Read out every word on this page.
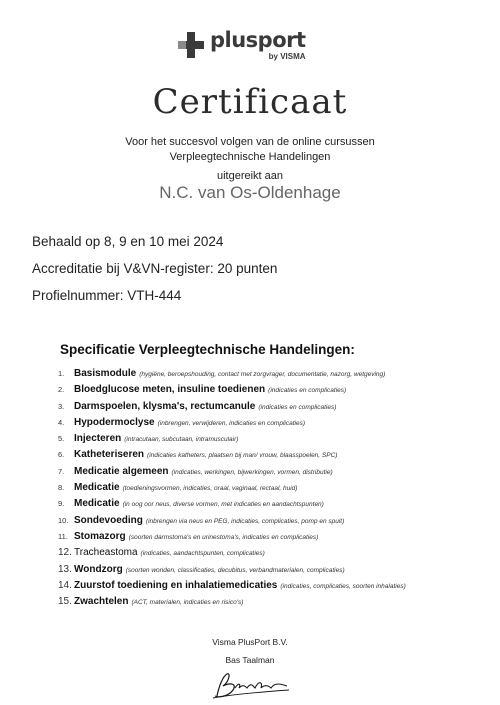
plusport
by VISMA
Certificaat
Voor het succesvol volgen van de online cursussen
Verpleegtechnische Handelingen
uitgereikt aan
N.C. van Os-Oldenhage
Behaald op 8, 9 en 10 mei 2024
Accreditatie bij V&VN-register: 20 punten
Profielnummer: VTH-444
Specificatie Verpleegtechnische Handelingen:
1. Basismodule (hygiëne, beroepshouding, contact met zorgvrager, documentatie, nazorg, wetgeving)
2. Bloedglucose meten, insuline toedienen (indicaties en complicaties)
3. Darmspoelen, klysma's, rectumcanule (indicaties en complicaties)
4. Hypodermoclyse (inbrengen, verwijderen, indicaties en complicaties)
5. Injecteren (intracutaan, subcutaan, intramusculair)
6. Katheteriseren (indicaties katheters, plaatsen bij man/ vrouw, blaasspoelen, SPC)
7. Medicatie algemeen (indicaties, werkingen, bijwerkingen, vormen, distributie)
8. Medicatie (toedieningsvormen, indicaties, oraal, vaginaal, rectaal, huid)
9. Medicatie (in oog oor neus, diverse vormen, met indicaties en aandachtspunten)
10. Sondevoeding (inbrengen via neus en PEG, indicaties, complicaties, pomp en spuit)
11. Stomazorg (soorten darmstoma's en urinestoma's, indicaties en complicaties)
12. Tracheastoma (indicaties, aandachtspunten, complicaties)
13. Wondzorg (soorten wonden, classificaties, decubitus, verbandmaterialen, complicaties)
14. Zuurstof toediening en inhalatiemedicaties (indicaties, complicaties, soorten inhalaties)
15. Zwachtelen (ACT, materialen, indicaties en risico's)
Visma PlusPort B.V.
Bas Taalman
